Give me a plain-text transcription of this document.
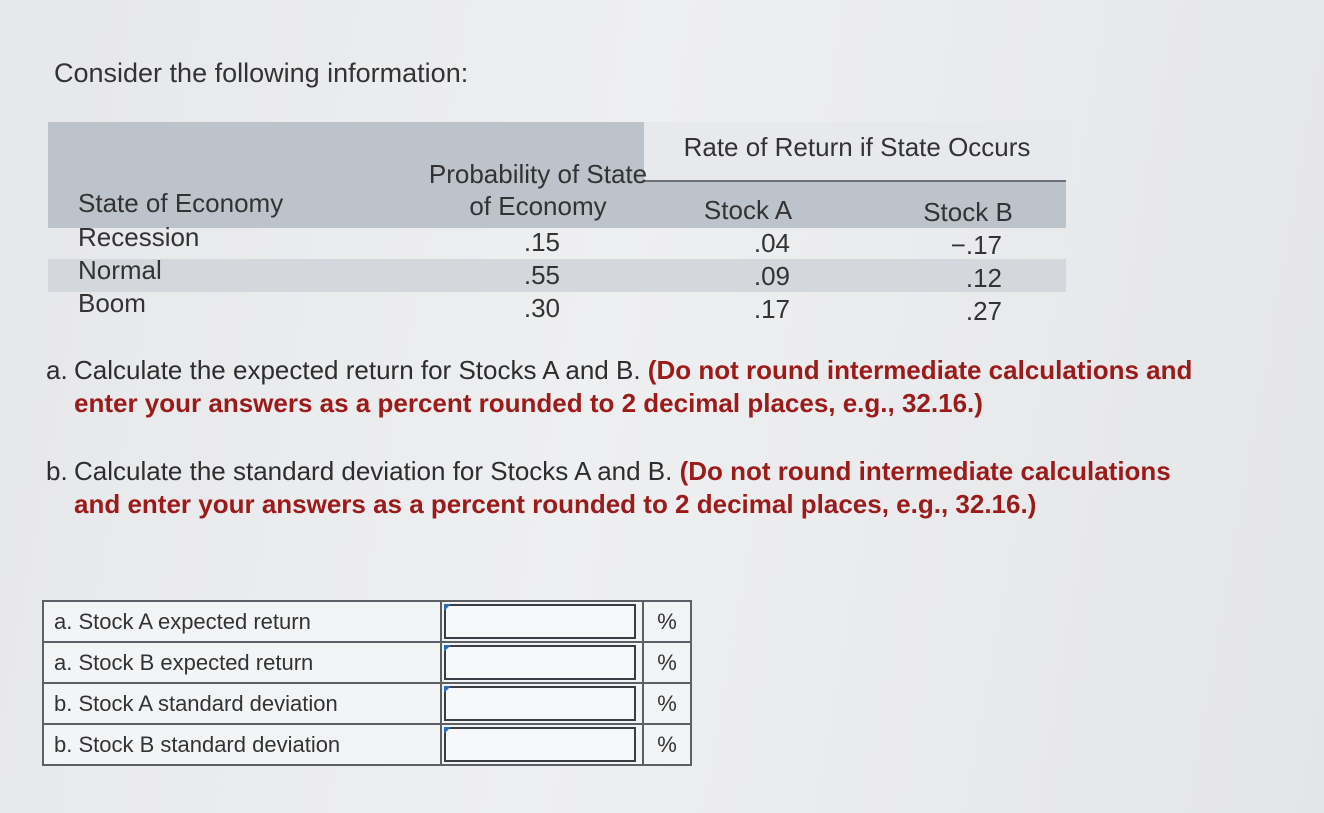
Consider the following information:
Rate of Return if State Occurs
State of Economy
Probability of State
of Economy	Stock A	Stock B
Recession	.15	.04	−.17
Normal	.55	.09	.12
Boom	.30	.17	.27
a. Calculate the expected return for Stocks A and B. (Do not round intermediate calculations and enter your answers as a percent rounded to 2 decimal places, e.g., 32.16.)
b. Calculate the standard deviation for Stocks A and B. (Do not round intermediate calculations and enter your answers as a percent rounded to 2 decimal places, e.g., 32.16.)
a. Stock A expected return		%
a. Stock B expected return		%
b. Stock A standard deviation		%
b. Stock B standard deviation		%
